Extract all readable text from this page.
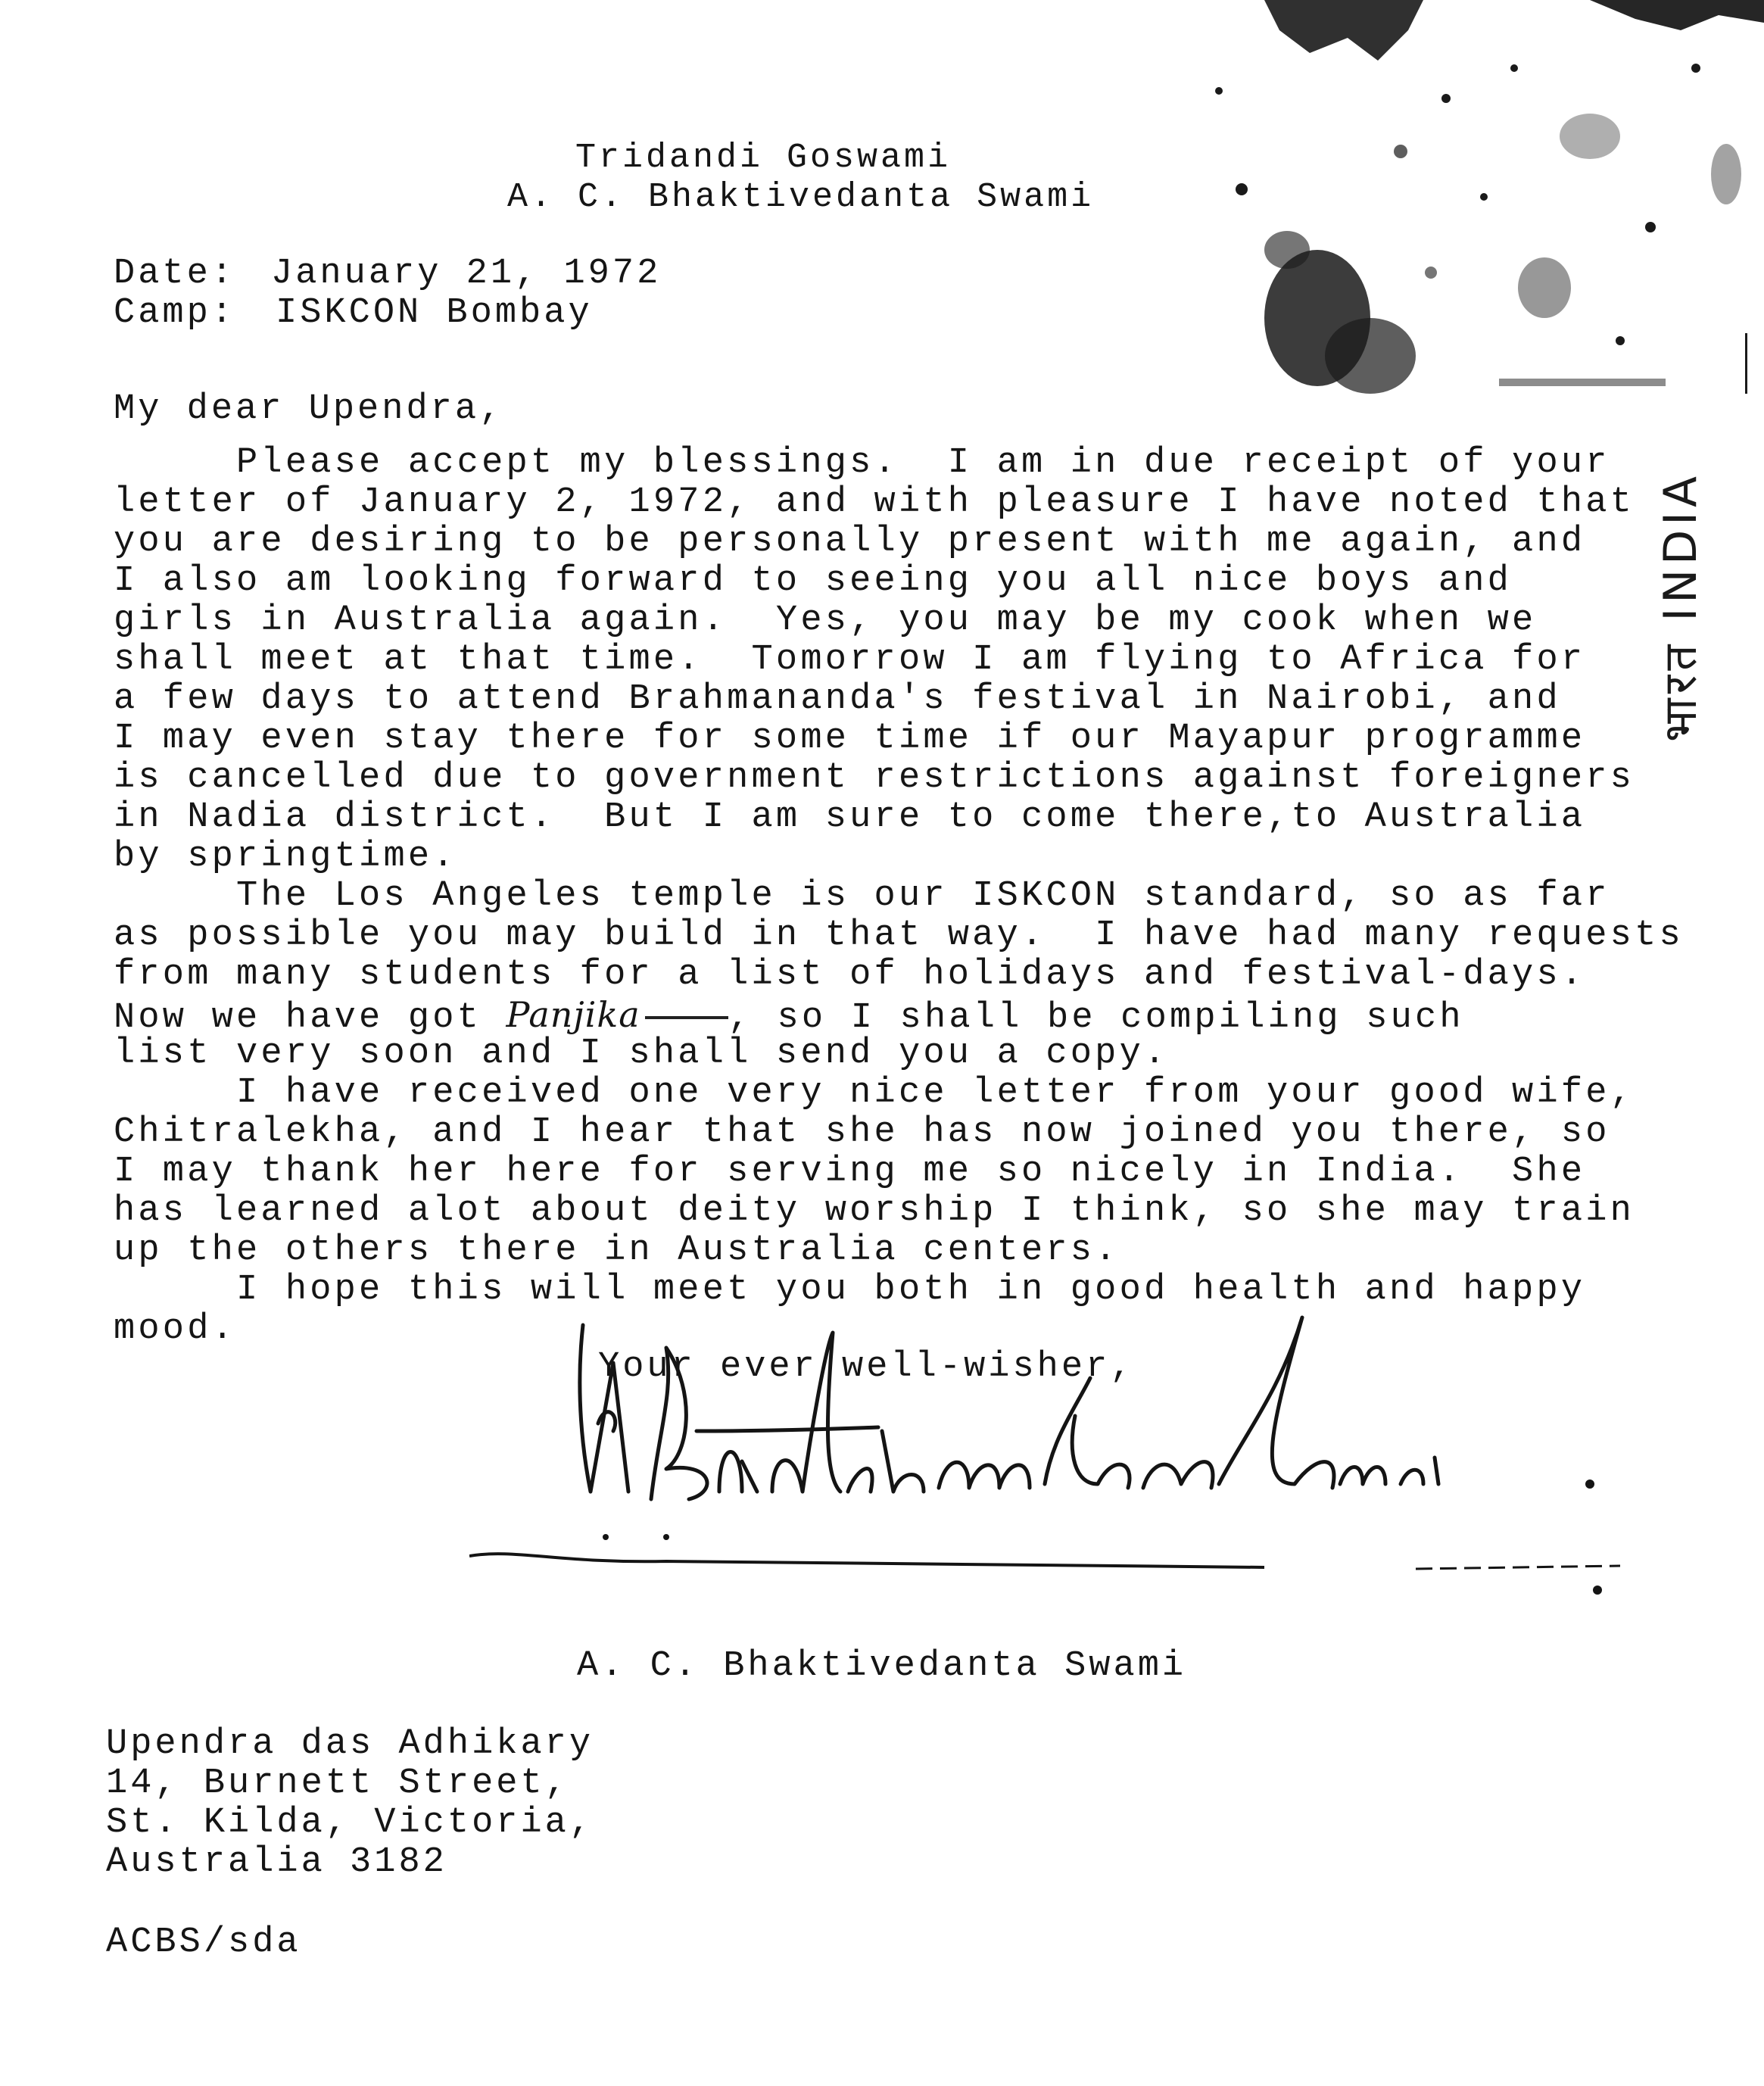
भारत INDIA
Tridandi Goswami
A. C. Bhaktivedanta Swami
Date: January 21, 1972
Camp: ISKCON Bombay
My dear Upendra,
Please accept my blessings.  I am in due receipt of your
letter of January 2, 1972, and with pleasure I have noted that
you are desiring to be personally present with me again, and
I also am looking forward to seeing you all nice boys and
girls in Australia again.  Yes, you may be my cook when we
shall meet at that time.  Tomorrow I am flying to Africa for
a few days to attend Brahmananda's festival in Nairobi, and
I may even stay there for some time if our Mayapur programme
is cancelled due to government restrictions against foreigners
in Nadia district.  But I am sure to come there,to Australia
by springtime.
The Los Angeles temple is our ISKCON standard, so as far
as possible you may build in that way.  I have had many requests
from many students for a list of holidays and festival-days.
Now we have got Panjika , so I shall be compiling such
list very soon and I shall send you a copy.
I have received one very nice letter from your good wife,
Chitralekha, and I hear that she has now joined you there, so
I may thank her here for serving me so nicely in India.  She
has learned alot about deity worship I think, so she may train
up the others there in Australia centers.
I hope this will meet you both in good health and happy
mood.
Your ever well-wisher,
A. C. Bhaktivedanta Swami
Upendra das Adhikary
14, Burnett Street,
St. Kilda, Victoria,
Australia 3182
ACBS/sda
